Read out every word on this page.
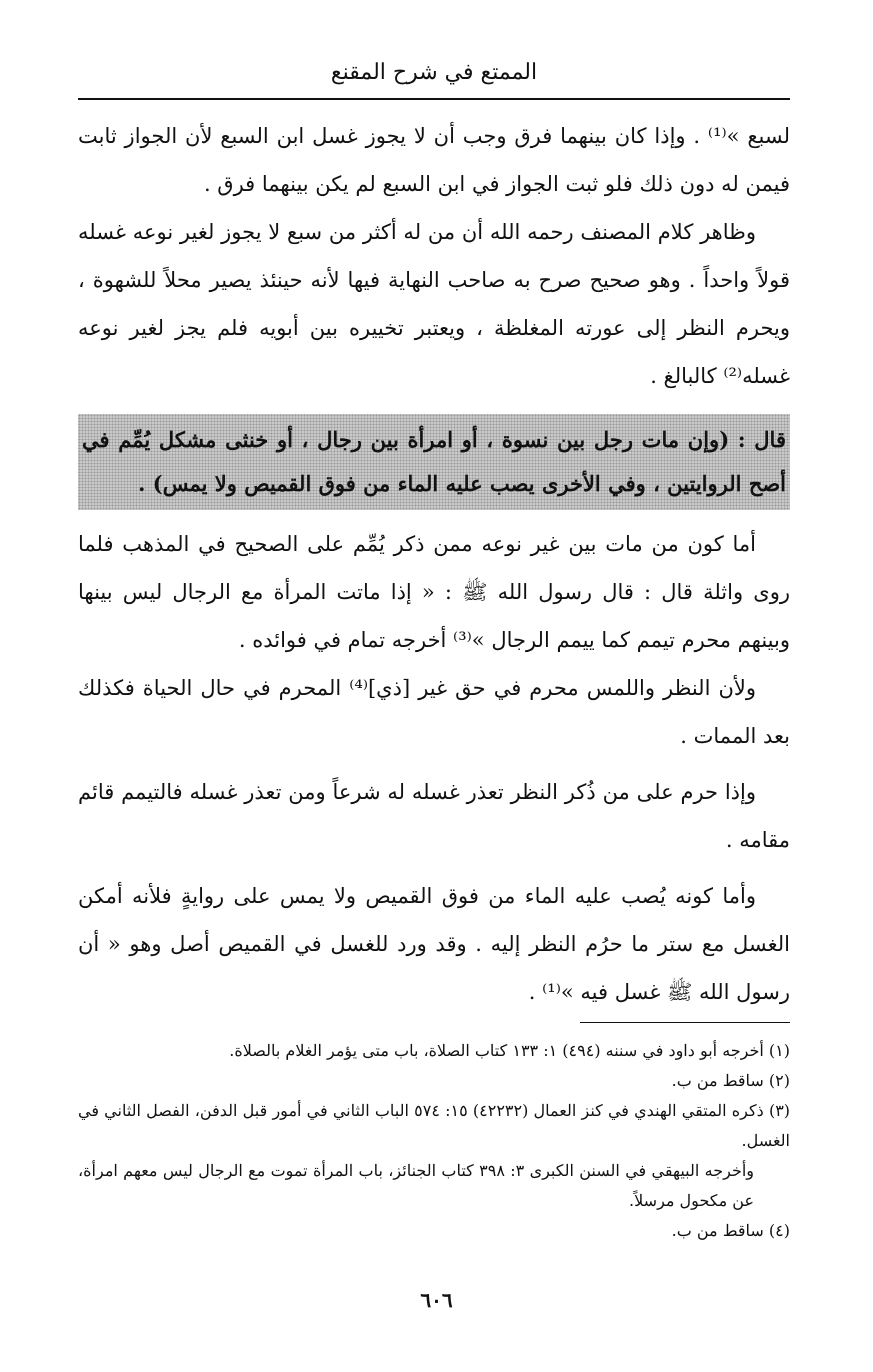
الممتع في شرح المقنع

لسبع »⁽¹⁾ . وإذا كان بينهما فرق وجب أن لا يجوز غسل ابن السبع لأن الجواز ثابت فيمن له دون ذلك فلو ثبت الجواز في ابن السبع لم يكن بينهما فرق .

وظاهر كلام المصنف رحمه الله أن من له أكثر من سبع لا يجوز لغير نوعه غسله قولاً واحداً . وهو صحيح صرح به صاحب النهاية فيها لأنه حينئذ يصير محلاً للشهوة ، ويحرم النظر إلى عورته المغلظة ، ويعتبر تخييره بين أبويه فلم يجز لغير نوعه غسله⁽²⁾ كالبالغ .

قال : (وإن مات رجل بين نسوة ، أو امرأة بين رجال ، أو خنثى مشكل يُمِّم في أصح الروايتين ، وفي الأخرى يصب عليه الماء من فوق القميص ولا يمس) .

أما كون من مات بين غير نوعه ممن ذكر يُمِّم على الصحيح في المذهب فلما روى واثلة قال : قال رسول الله ﷺ : « إذا ماتت المرأة مع الرجال ليس بينها وبينهم محرم تيمم كما ييمم الرجال »⁽³⁾ أخرجه تمام في فوائده .

ولأن النظر واللمس محرم في حق غير [ذي]⁽⁴⁾ المحرم في حال الحياة فكذلك بعد الممات .

وإذا حرم على من ذُكر النظر تعذر غسله له شرعاً ومن تعذر غسله فالتيمم قائم مقامه .

وأما كونه يُصب عليه الماء من فوق القميص ولا يمس على روايةٍ فلأنه أمكن الغسل مع ستر ما حرُم النظر إليه . وقد ورد للغسل في القميص أصل وهو « أن رسول الله ﷺ غسل فيه »⁽¹⁾ .

(١) أخرجه أبو داود في سننه (٤٩٤) ١: ١٣٣ كتاب الصلاة، باب متى يؤمر الغلام بالصلاة.

(٢) ساقط من ب.

(٣) ذكره المتقي الهندي في كنز العمال (٤٢٢٣٢) ١٥: ٥٧٤ الباب الثاني في أمور قبل الدفن، الفصل الثاني في الغسل.

وأخرجه البيهقي في السنن الكبرى ٣: ٣٩٨ كتاب الجنائز، باب المرأة تموت مع الرجال ليس معهم امرأة، عن مكحول مرسلاً.

(٤) ساقط من ب.

٦٠٦
